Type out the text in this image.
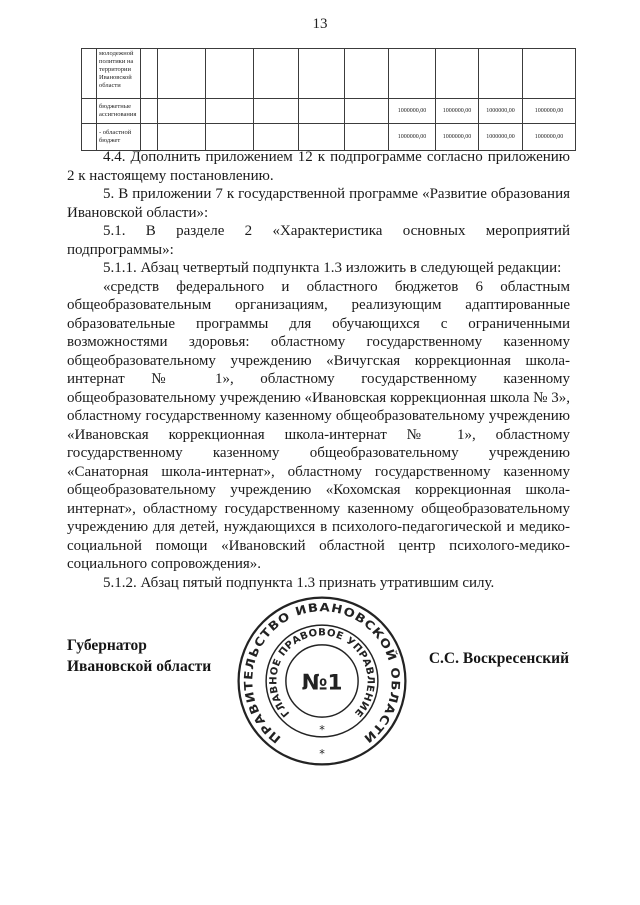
13
	молодежной политики на территории Ивановской области										
	бюджетные ассигнования							1000000,00	1000000,00	1000000,00	1000000,00
	- областной бюджет							1000000,00	1000000,00	1000000,00	1000000,00

4.4. Дополнить приложением 12 к подпрограмме согласно приложению 2 к настоящему постановлению.

5. В приложении 7 к государственной программе «Развитие образования Ивановской области»:

5.1. В разделе 2 «Характеристика основных мероприятий подпрограммы»:

5.1.1. Абзац четвертый подпункта 1.3 изложить в следующей редакции:

«средств федерального и областного бюджетов 6 областным общеобразовательным организациям, реализующим адаптированные образовательные программы для обучающихся с ограниченными возможностями здоровья: областному государственному казенному общеобразовательному учреждению «Вичугская коррекционная школа-интернат № 1», областному государственному казенному общеобразовательному учреждению «Ивановская коррекционная школа № 3», областному государственному казенному общеобразовательному учреждению «Ивановская коррекционная школа-интернат № 1», областному государственному казенному общеобразовательному учреждению «Санаторная школа-интернат», областному государственному казенному общеобразовательному учреждению «Кохомская коррекционная школа-интернат», областному государственному казенному общеобразовательному учреждению для детей, нуждающихся в психолого-педагогической и медико-социальной помощи «Ивановский областной центр психолого-медико-социального сопровождения».

5.1.2. Абзац пятый подпункта 1.3 признать утратившим силу.

Губернатор
Ивановской области	С.С. Воскресенский
ПРАВИТЕЛЬСТВО ИВАНОВСКОЙ ОБЛАСТИ
ГЛАВНОЕ ПРАВОВОЕ УПРАВЛЕНИЕ
№1
*
*
